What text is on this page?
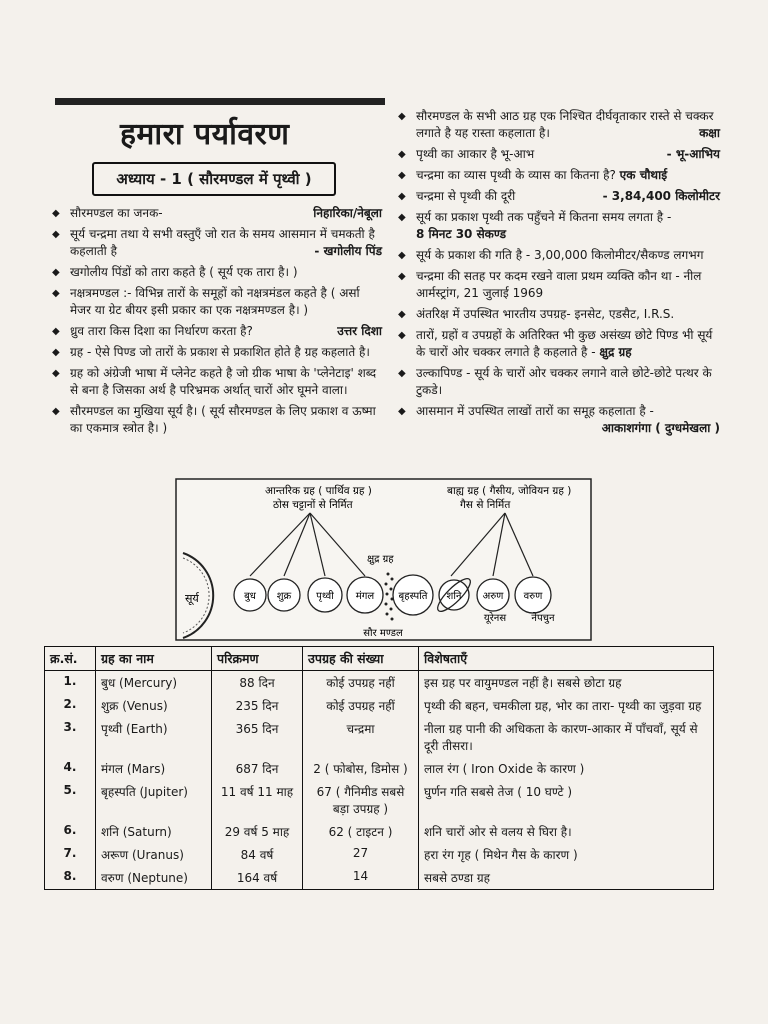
हमारा पर्यावरण
अध्याय - 1 ( सौरमण्डल में पृथ्वी )
◆ सौरमण्डल का जनक-	निहारिका/नेबूला
◆ सूर्य चन्द्रमा तथा ये सभी वस्तुएँ जो रात के समय आसमान में चमकती है कहलाती है	- खगोलीय पिंड
◆ खगोलीय पिंडों को तारा कहते है ( सूर्य एक तारा है। )
◆ नक्षत्रमण्डल :- विभिन्न तारों के समूहों को नक्षत्रमंडल कहते है ( अर्सा मेजर या ग्रेट बीयर इसी प्रकार का एक नक्षत्रमण्डल है। )
◆ ध्रुव तारा किस दिशा का निर्धारण करता है?	उत्तर दिशा
◆ ग्रह - ऐसे पिण्ड जो तारों के प्रकाश से प्रकाशित होते है ग्रह कहलाते है।
◆ ग्रह को अंग्रेजी भाषा में प्लेनेट कहते है जो ग्रीक भाषा के 'प्लेनेटाइ' शब्द से बना है जिसका अर्थ है परिभ्रमक अर्थात् चारों ओर घूमने वाला।
◆ सौरमण्डल का मुखिया सूर्य है। ( सूर्य सौरमण्डल के लिए प्रकाश व ऊष्मा का एकमात्र स्त्रोत है। )
◆ सौरमण्डल के सभी आठ ग्रह एक निश्चित दीर्घवृताकार रास्ते से चक्कर लगाते है यह रास्ता कहलाता है।	कक्षा
◆ पृथ्वी का आकार है भू-आभ	- भू-आभिय
◆ चन्द्रमा का व्यास पृथ्वी के व्यास का कितना है? एक चौथाई
◆ चन्द्रमा से पृथ्वी की दूरी	- 3,84,400 किलोमीटर
◆ सूर्य का प्रकाश पृथ्वी तक पहुँचने में कितना समय लगता है -
8 मिनट 30 सेकण्ड
◆ सूर्य के प्रकाश की गति है - 3,00,000 किलोमीटर/सैकण्ड लगभग
◆ चन्द्रमा की सतह पर कदम रखने वाला प्रथम व्यक्ति कौन था - नील आर्मस्ट्रांग, 21 जुलाई 1969
◆ अंतरिक्ष में उपस्थित भारतीय उपग्रह- इनसेट, एडसैट, I.R.S.
◆ तारों, ग्रहों व उपग्रहों के अतिरिक्त भी कुछ असंख्य छोटे पिण्ड भी सूर्य के चारों ओर चक्कर लगाते है कहलाते है - क्षुद्र ग्रह
◆ उल्कापिण्ड - सूर्य के चारों ओर चक्कर लगाने वाले छोटे-छोटे पत्थर के टुकडे।
◆ आसमान में उपस्थित लाखों तारों का समूह कहलाता है -

आकाशगंगा ( दुग्धमेखला )
आन्तरिक ग्रह ( पार्थिव ग्रह )
ठोस चट्टानों से निर्मित
बाह्य ग्रह ( गैसीय, जोवियन ग्रह )
गैस से निर्मित
क्षुद्र ग्रह
सूर्य	बुध शुक्र पृथ्वी मंगल बृहस्पति शनि अरुण वरुण
यूरेनस	नेपचुन
सौर मण्डल
क्र.सं.	ग्रह का नाम	परिक्रमण	उपग्रह की संख्या	विशेषताएँ
1.	बुध (Mercury)	88 दिन	कोई उपग्रह नहीं	इस ग्रह पर वायुमण्डल नहीं है। सबसे छोटा ग्रह
2.	शुक्र (Venus)	235 दिन	कोई उपग्रह नहीं	पृथ्वी की बहन, चमकीला ग्रह, भोर का तारा- पृथ्वी का जुड़वा ग्रह
3.	पृथ्वी (Earth)	365 दिन	चन्द्रमा	नीला ग्रह पानी की अधिकता के कारण-आकार में पाँचवाँ, सूर्य से दूरी तीसरा।
4.	मंगल (Mars)	687 दिन	2 ( फोबोस, डिमोस )	लाल रंग ( Iron Oxide के कारण )
5.	बृहस्पति (Jupiter)	11 वर्ष 11 माह	67 ( गैनिमीड सबसे बड़ा उपग्रह )	घुर्णन गति सबसे तेज ( 10 घण्टे )
6.	शनि (Saturn)	29 वर्ष 5 माह	62 ( टाइटन )	शनि चारों ओर से वलय से घिरा है।
7.	अरूण (Uranus)	84 वर्ष	27	हरा रंग गृह ( मिथेन गैस के कारण )
8.	वरुण (Neptune)	164 वर्ष	14	सबसे ठण्डा ग्रह
